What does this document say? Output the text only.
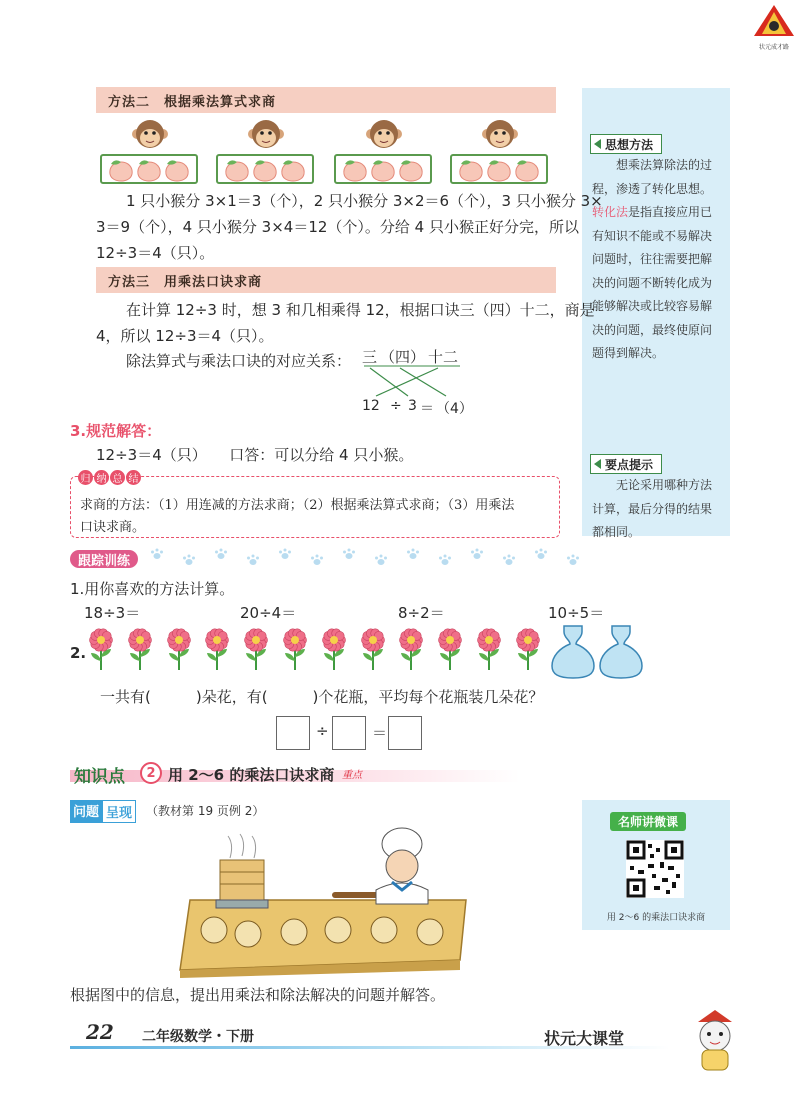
状元成才路
思想方法
想乘法算除法的过程，渗透了转化思想。转化法是指直接应用已有知识不能或不易解决问题时，往往需要把解决的问题不断转化成为能够解决或比较容易解决的问题，最终使原问题得到解决。
要点提示
无论采用哪种方法计算，最后分得的结果都相同。
方法二　根据乘法算式求商
1 只小猴分 3×1＝3（个），2 只小猴分 3×2＝6（个），3 只小猴分 3×
3＝9（个），4 只小猴分 3×4＝12（个）。分给 4 只小猴正好分完，所以
12÷3＝4（只）。
方法三　用乘法口诀求商
在计算 12÷3 时，想 3 和几相乘得 12，根据口诀三（四）十二，商是
4，所以 12÷3＝4（只）。
除法算式与乘法口诀的对应关系： 三 （四） 十二
12 ÷ 3 ＝ （4）
3.规范解答：
12÷3＝4（只）　　口答：可以分给 4 只小猴。
归 纳 总 结
求商的方法：（1）用连减的方法求商；（2）根据乘法算式求商；（3）用乘法
口诀求商。
跟踪训练
1.用你喜欢的方法计算。
18÷3＝	20÷4＝	8÷2＝	10÷5＝
2.
一共有(　　　)朵花，有(　　　)个花瓶，平均每个花瓶装几朵花？
÷	＝
知识点	2 用 2～6 的乘法口诀求商 重点
问题 呈现	（教材第 19 页例 2）
根据图中的信息，提出用乘法和除法解决的问题并解答。
名师讲微课
用 2～6 的乘法口诀求商
22 二年级数学・下册	状元大课堂
